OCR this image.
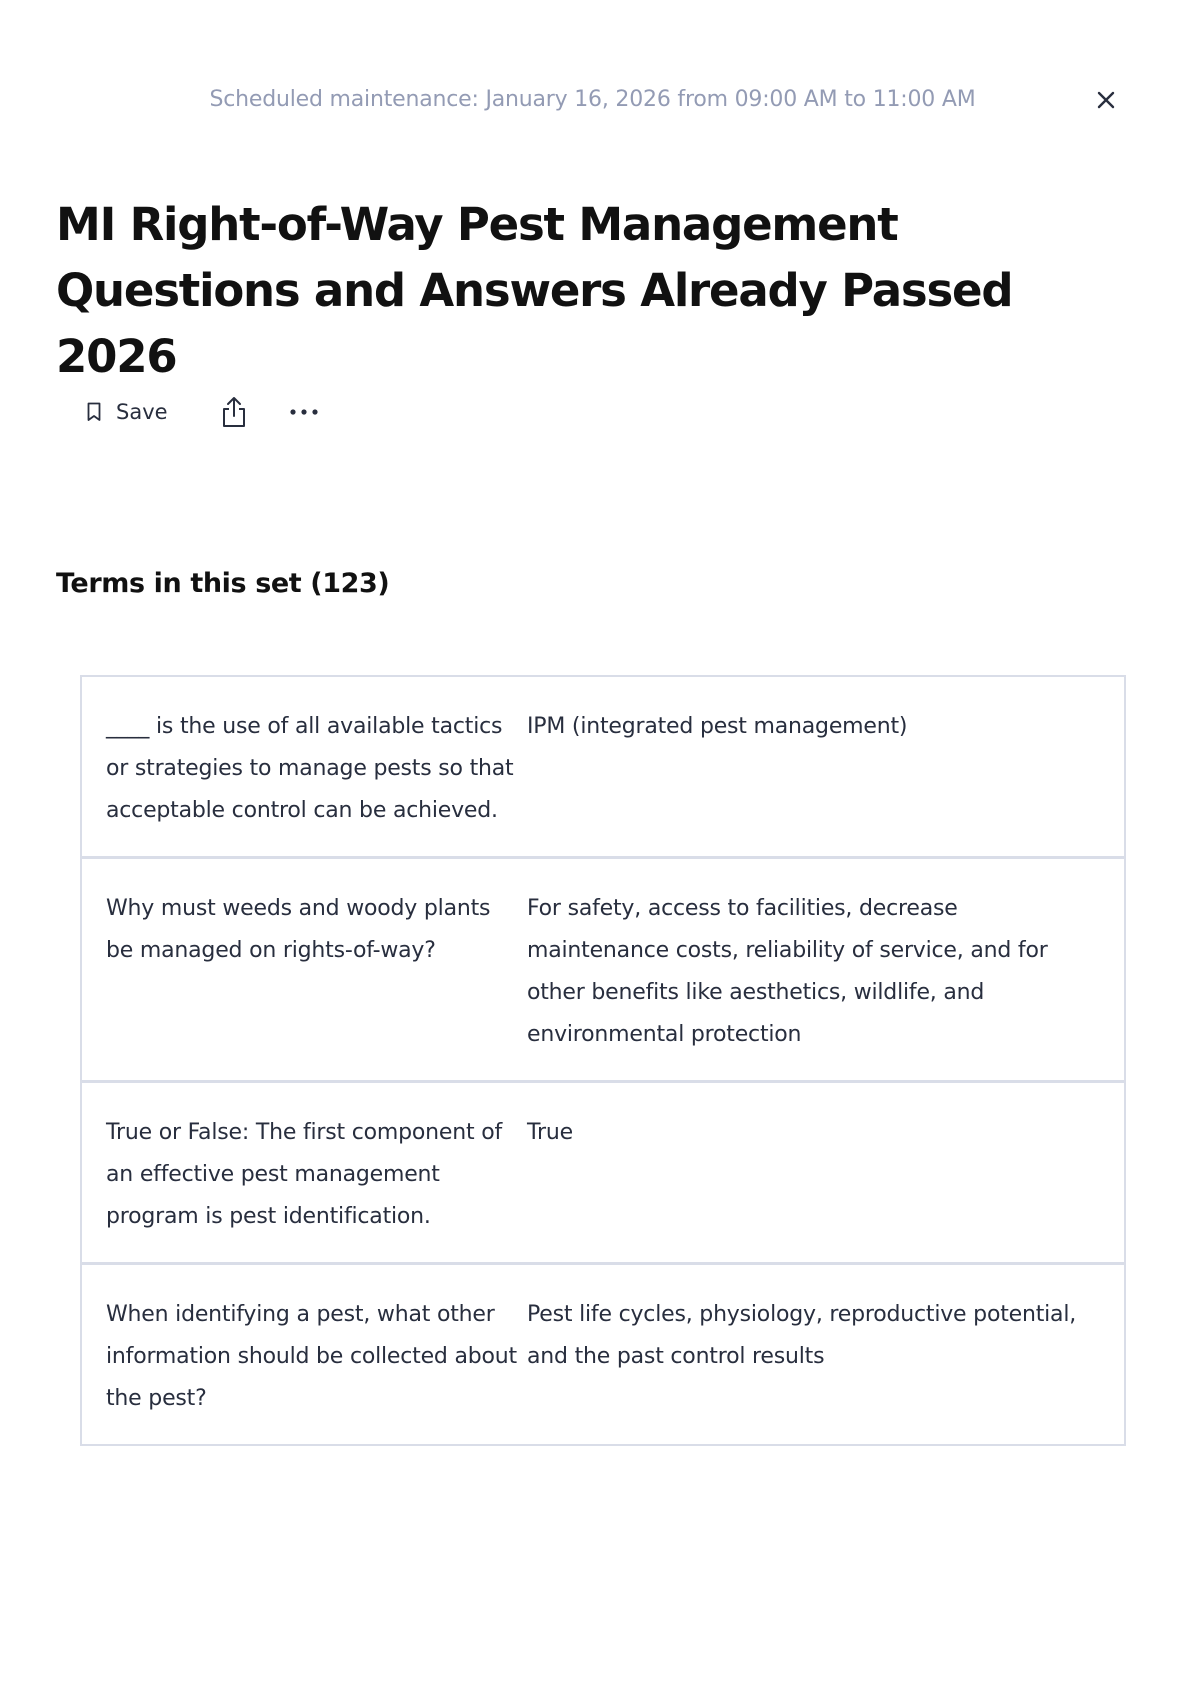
Scheduled maintenance: January 16, 2026 from 09:00 AM to 11:00 AM
MI Right-of-Way Pest Management Questions and Answers Already Passed 2026
Save
Terms in this set (123)
____ is the use of all available tactics or strategies to manage pests so that acceptable control can be achieved.
IPM (integrated pest management)
Why must weeds and woody plants be managed on rights-of-way?
For safety, access to facilities, decrease maintenance costs, reliability of service, and for other benefits like aesthetics, wildlife, and environmental protection
True or False: The first component of an effective pest management program is pest identification.
True
When identifying a pest, what other information should be collected about the pest?
Pest life cycles, physiology, reproductive potential, and the past control results
